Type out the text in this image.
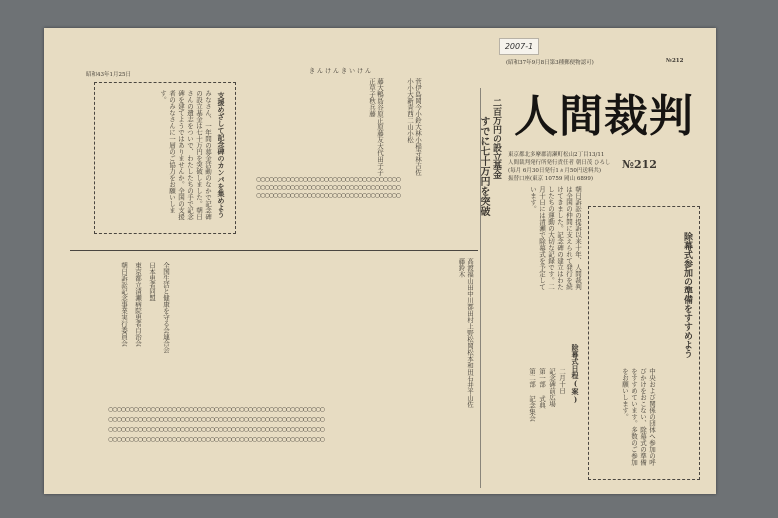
2007-1
昭和43年1月25日
(昭和37年9月8日第3種郵便物認可)	№212
人間裁判
東京都北多摩郡清瀬町松山2丁目13/11
人間裁判発行所発行責任者 朝日茂 ひろし
(毎月 6月30日発行1ヵ月50円送料共)
振替口座(東京 10759 岡山 6899)
№212
きんけんきいけん
支援めざして記念碑のカンパを集めよう
みなさん、一年間の募金活動のなかで記念碑の設立基金は七十万円を突破しました。朝日さんの遺志をついで、わたしたちの手で記念碑を建てようではありませんか。全国の支援者のみなさんに一層のご協力をお願いします。	藤大鴨島谷原正原藤友大代田子子正草子秋兵藤	菅伊島岡今小鈴大林小稲寺林吉佐小小大新青西二山小松
○○○○○○○○○○○○○○○○○○○○○○○○○○○○○○○○○○
○○○○○○○○○○○○○○○○○○○○○○○○○○○○○○○○○○
○○○○○○○○○○○○○○○○○○○○○○○○○○○○○○○○○○
二百万円の設立基金
すでに七十万円を突破
朝日訴訟の提訴以来十年、人間裁判は全国の仲間に支えられて発行を続けてきました。記念碑の建立はわたしたちの運動の大切な記録です。二月十日には清瀬で除幕式を予定しています。
除幕式参加の準備をすすめよう
中央および関係の団体へ参加の呼びかけをおこない、除幕式の準備をすすめています。多数のご参加をお願いします。
除幕式日程(案)
二月十日
記念碑前広場
第一部 式典
第二部 記念集会
高渡福山田中川都田村上野松岡松本和田石井平山佐藤鈴木
全国生活と健康を守る会連合会
日本患者同盟
東京都立清瀬病院患者自治会
朝日訴訟記念事業実行委員会
○○○○○○○○○○○○○○○○○○○○○○○○○○○○○○○○○○○○○○○○○○○○○○○○○○○
○○○○○○○○○○○○○○○○○○○○○○○○○○○○○○○○○○○○○○○○○○○○○○○○○○○
○○○○○○○○○○○○○○○○○○○○○○○○○○○○○○○○○○○○○○○○○○○○○○○○○○○
○○○○○○○○○○○○○○○○○○○○○○○○○○○○○○○○○○○○○○○○○○○○○○○○○○○
